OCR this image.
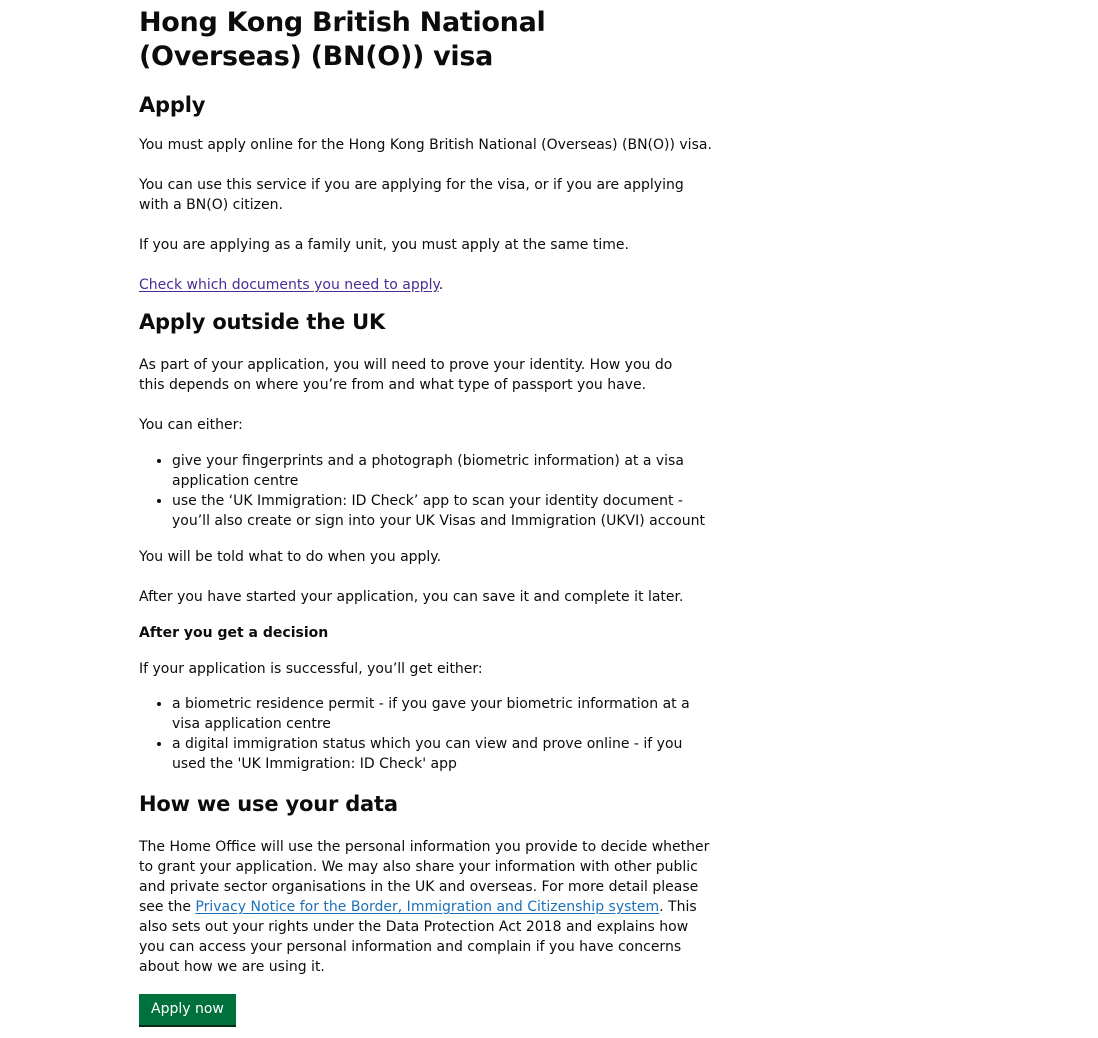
Hong Kong British National (Overseas) (BN(O)) visa
Apply

You must apply online for the Hong Kong British National (Overseas) (BN(O)) visa.

You can use this service if you are applying for the visa, or if you are applying with a BN(O) citizen.

If you are applying as a family unit, you must apply at the same time.

Check which documents you need to apply.

Apply outside the UK

As part of your application, you will need to prove your identity. How you do this depends on where you’re from and what type of passport you have.

You can either:

• give your fingerprints and a photograph (biometric information) at a visa application centre
• use the ‘UK Immigration: ID Check’ app to scan your identity document - you’ll also create or sign into your UK Visas and Immigration (UKVI) account

You will be told what to do when you apply.

After you have started your application, you can save it and complete it later.

After you get a decision

If your application is successful, you’ll get either:

• a biometric residence permit - if you gave your biometric information at a visa application centre
• a digital immigration status which you can view and prove online - if you used the 'UK Immigration: ID Check' app
How we use your data

The Home Office will use the personal information you provide to decide whether to grant your application. We may also share your information with other public and private sector organisations in the UK and overseas. For more detail please see the Privacy Notice for the Border, Immigration and Citizenship system. This also sets out your rights under the Data Protection Act 2018 and explains how you can access your personal information and complain if you have concerns about how we are using it.

Apply now
